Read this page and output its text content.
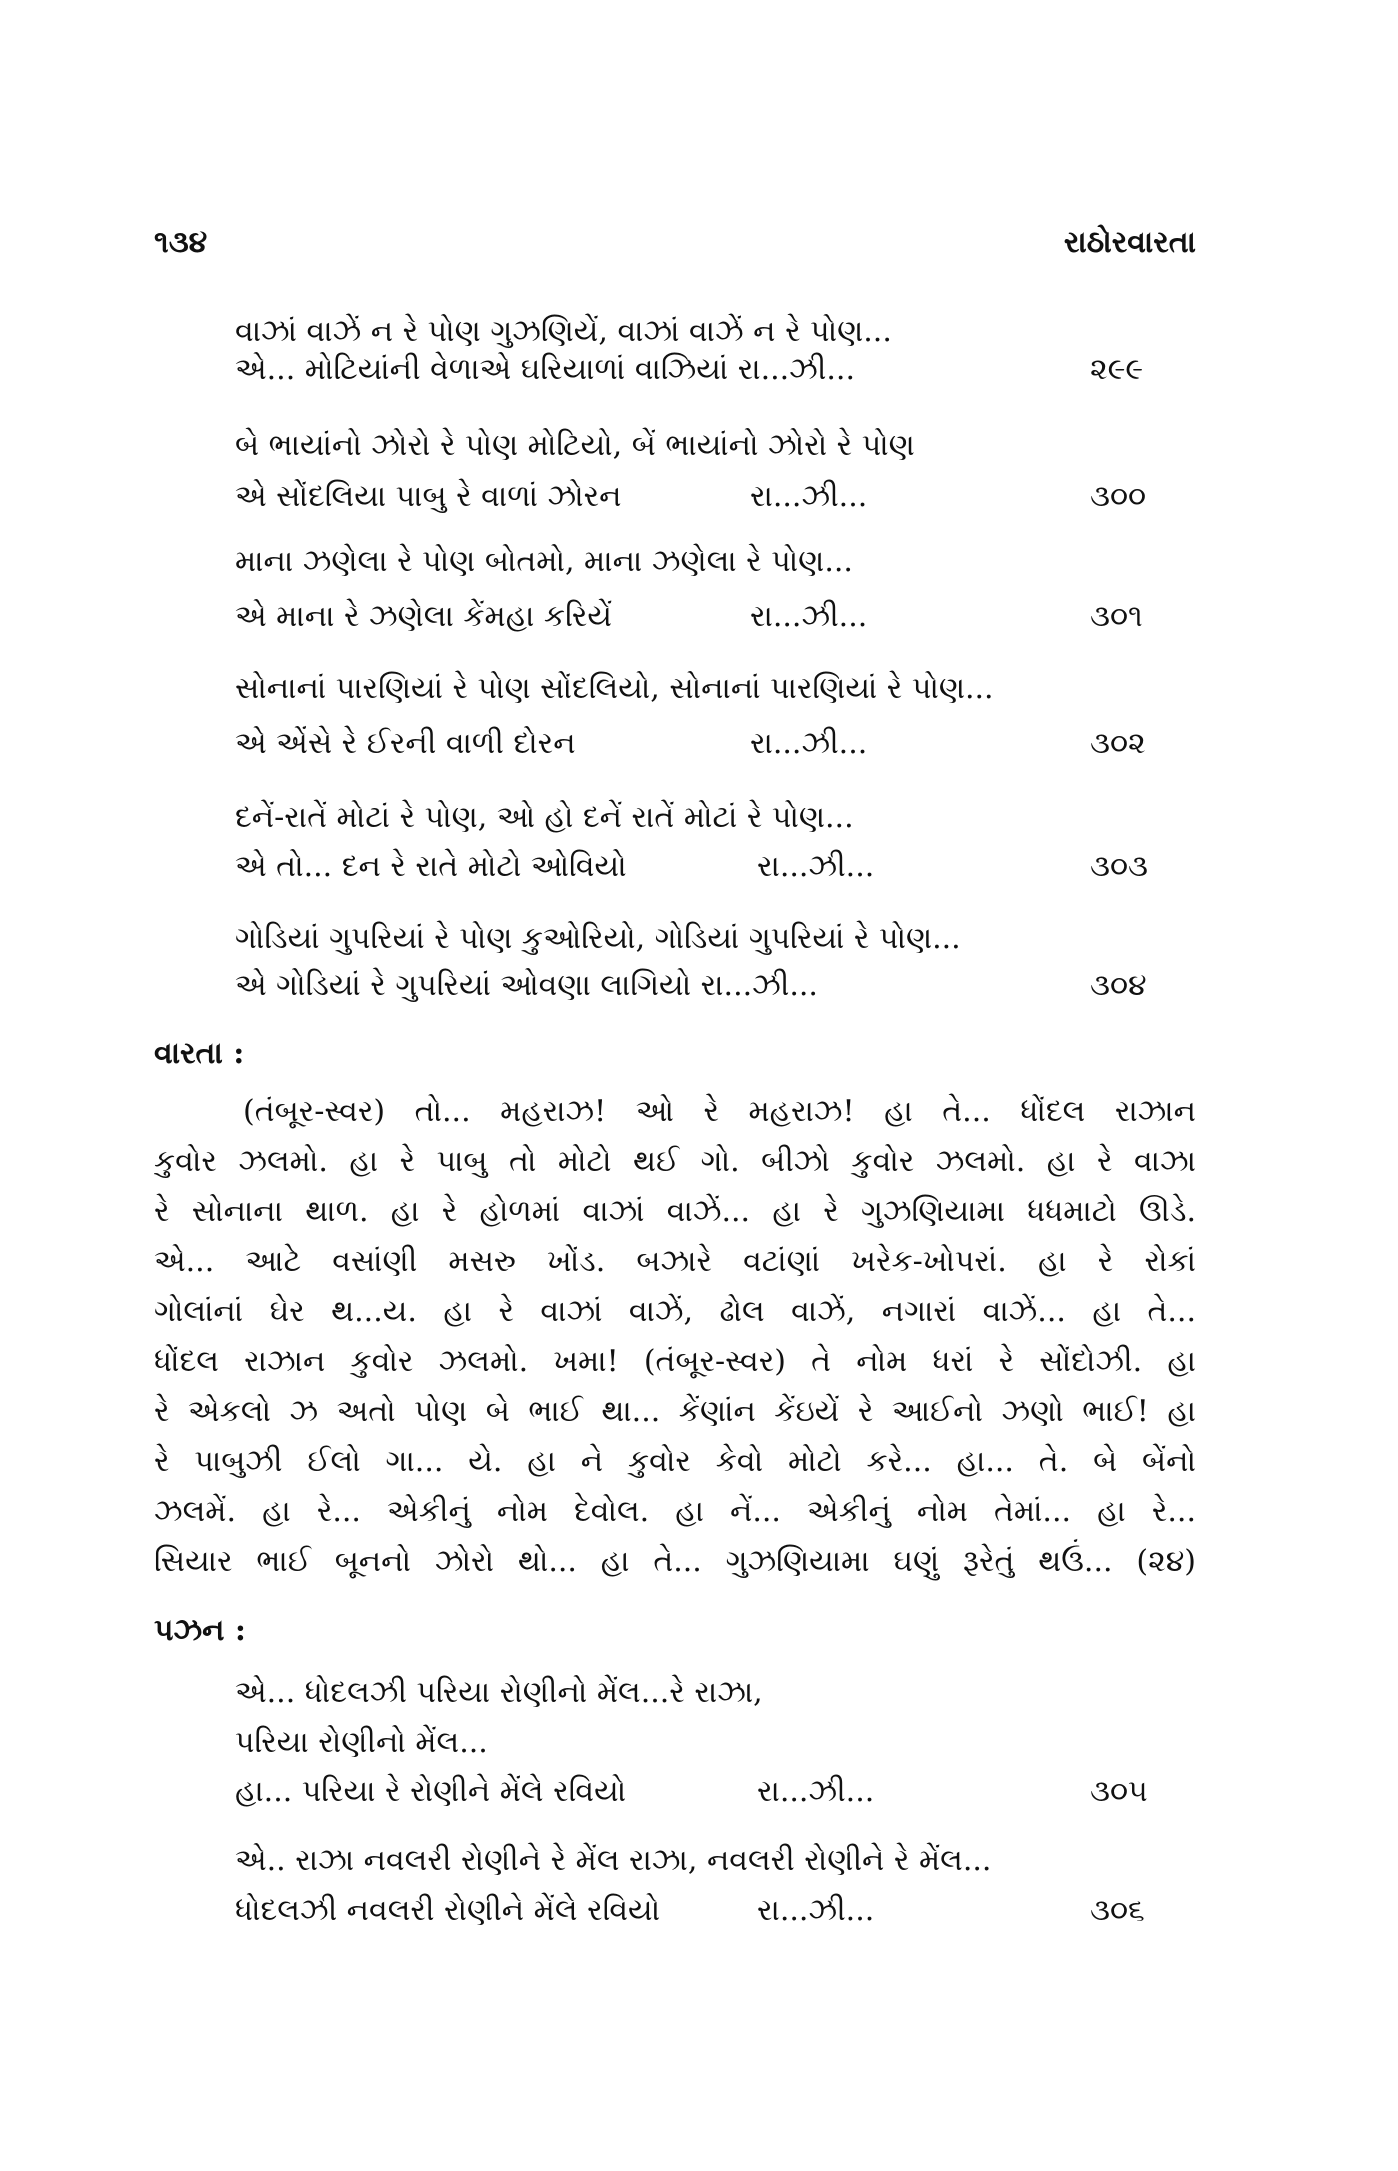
૧૩૪	રાઠોરવારતા
વાઝાં વાઝેં ન રે પોણ ગુઝણિયેં, વાઝાં વાઝેં ન રે પોણ...
એ... મોટિયાંની વેળાએ ઘરિયાળાં વાઝિયાં રા...ઝી...	૨૯૯
બે ભાયાંનો ઝોરો રે પોણ મોટિયો, બેં ભાયાંનો ઝોરો રે પોણ
એ સોંદલિયા પાબુ રે વાળાં ઝોરન	રા...ઝી...	૩૦૦
માના ઝણેલા રે પોણ બોતમો, માના ઝણેલા રે પોણ...
એ માના રે ઝણેલા કેંમહા કરિયેં	રા...ઝી...	૩૦૧
સોનાનાં પારણિયાં રે પોણ સોંદલિયો, સોનાનાં પારણિયાં રે પોણ...
એ એંસે રે ઈરની વાળી દોરન	રા...ઝી...	૩૦૨
દનેં-રાતેં મોટાં રે પોણ, ઓ હો દનેં રાતેં મોટાં રે પોણ...
એ તો... દન રે રાતે મોટો ઓવિયો	રા...ઝી...	૩૦૩
ગોડિયાં ગુપરિયાં રે પોણ કુઓરિયો, ગોડિયાં ગુપરિયાં રે પોણ...
એ ગોડિયાં રે ગુપરિયાં ઓવણા લાગિયો રા...ઝી...	૩૦૪
વારતા :
(તંબૂર-સ્વર) તો... મહરાઝ! ઓ રે મહરાઝ! હા તે... ધોંદલ રાઝાન
કુવોર ઝલમો. હા રે પાબુ તો મોટો થઈ ગો. બીઝો કુવોર ઝલમો. હા રે વાઝા
રે સોનાના થાળ. હા રે હોળમાં વાઝાં વાઝેં... હા રે ગુઝણિયામા ધધમાટો ઊડે.
એ... આટે વસાંણી મસરુ ખોંડ. બઝારે વટાંણાં ખરેક-ખોપરાં. હા રે રોકાં
ગોલાંનાં ઘેર થ...ય. હા રે વાઝાં વાઝેં, ઢોલ વાઝેં, નગારાં વાઝેં... હા તે...
ધોંદલ રાઝાન કુવોર ઝલમો. ખમા! (તંબૂર-સ્વર) તે નોમ ધરાં રે સોંદોઝી. હા
રે એકલો ઝ અતો પોણ બે ભાઈ થા... કેંણાંન કેંઇયેં રે આઈનો ઝણો ભાઈ! હા
રે પાબુઝી ઈલો ગા... યે. હા ને કુવોર કેવો મોટો કરે... હા... તે. બે બેંનો
ઝલમેં. હા રે... એકીનું નોમ દેવોલ. હા નેં... એકીનું નોમ તેમાં... હા રે...
સિયાર ભાઈ બૂનનો ઝોરો થો... હા તે... ગુઝણિયામા ઘણું રૂરેતું થઉં... (૨૪)
પઝન :
એ... ધોદલઝી પરિયા રોણીનો મેંલ...રે રાઝા,
પરિયા રોણીનો મેંલ...
હા... પરિયા રે રોણીને મેંલે રવિયો	રા...ઝી...	૩૦૫
એ.. રાઝા નવલરી રોણીને રે મેંલ રાઝા, નવલરી રોણીને રે મેંલ...
ધોદલઝી નવલરી રોણીને મેંલે રવિયો	રા...ઝી...	૩૦૬
